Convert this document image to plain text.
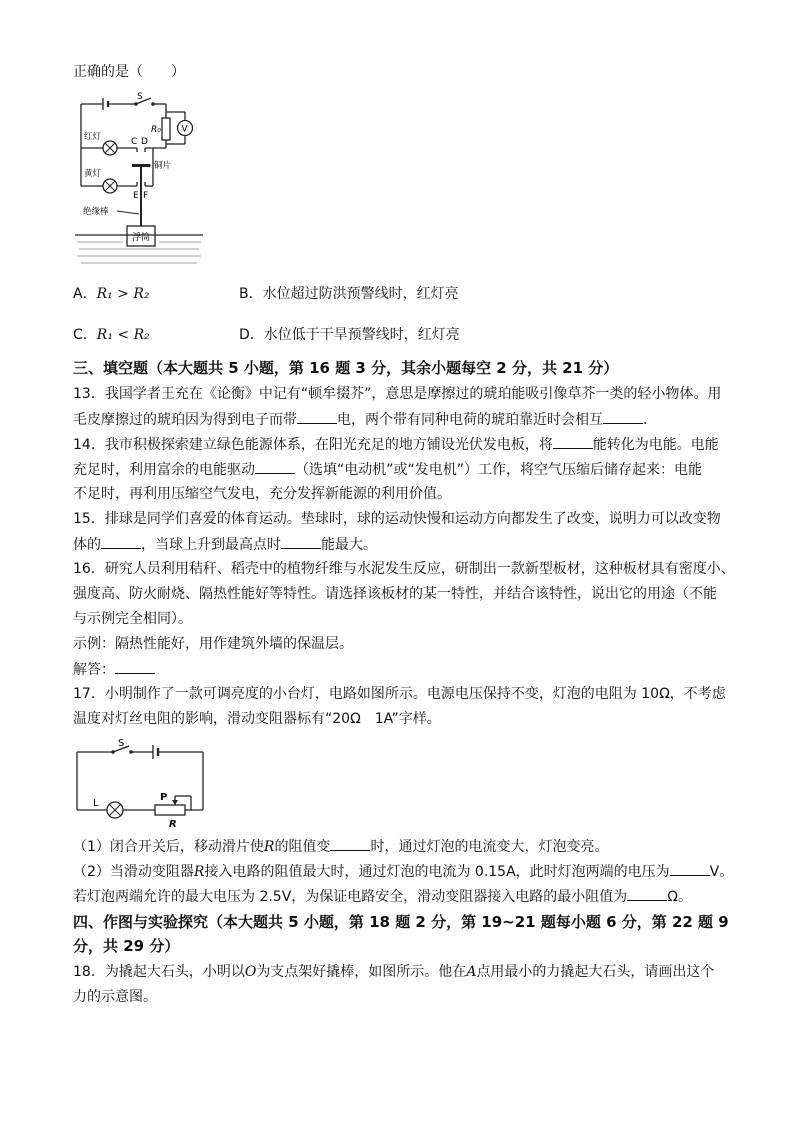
正确的是（　　）
S
R₀ V
红灯	C D
铜片
黄灯
E F
绝缘棒
浮筒
A．R₁ > R₂	B．水位超过防洪预警线时，红灯亮
C．R₁ < R₂	D．水位低于干旱预警线时，红灯亮
三、填空题（本大题共 5 小题，第 16 题 3 分，其余小题每空 2 分，共 21 分）
13．我国学者王充在《论衡》中记有“顿牟掇芥”，意思是摩擦过的琥珀能吸引像草芥一类的轻小物体。用
毛皮摩擦过的琥珀因为得到电子而带	电，两个带有同种电荷的琥珀靠近时会相互	．
14．我市积极探索建立绿色能源体系，在阳光充足的地方铺设光伏发电板，将	能转化为电能。电能
充足时，利用富余的电能驱动	（选填“电动机”或“发电机”）工作，将空气压缩后储存起来：电能
不足时，再利用压缩空气发电，充分发挥新能源的利用价值。
15．排球是同学们喜爱的体育运动。垫球时，球的运动快慢和运动方向都发生了改变，说明力可以改变物
体的	，当球上升到最高点时	能最大。
16．研究人员利用秸秆、稻壳中的植物纤维与水泥发生反应，研制出一款新型板材，这种板材具有密度小、
强度高、防火耐烧、隔热性能好等特性。请选择该板材的某一特性，并结合该特性，说出它的用途（不能
与示例完全相同）。
示例：隔热性能好，用作建筑外墙的保温层。
解答：
17．小明制作了一款可调亮度的小台灯，电路如图所示。电源电压保持不变，灯泡的电阻为 10Ω，不考虑
温度对灯丝电阻的影响，滑动变阻器标有“20Ω　1A”字样。
S
L
P
R
（1）闭合开关后，移动滑片使R的阻值变	时，通过灯泡的电流变大，灯泡变亮。
（2）当滑动变阻器R接入电路的阻值最大时，通过灯泡的电流为 0.15A，此时灯泡两端的电压为	V。
若灯泡两端允许的最大电压为 2.5V，为保证电路安全，滑动变阻器接入电路的最小阻值为	Ω。
四、作图与实验探究（本大题共 5 小题，第 18 题 2 分，第 19~21 题每小题 6 分，第 22 题 9
分，共 29 分）
18．为撬起大石头，小明以O为支点架好撬棒，如图所示。他在A点用最小的力撬起大石头，请画出这个
力的示意图。
